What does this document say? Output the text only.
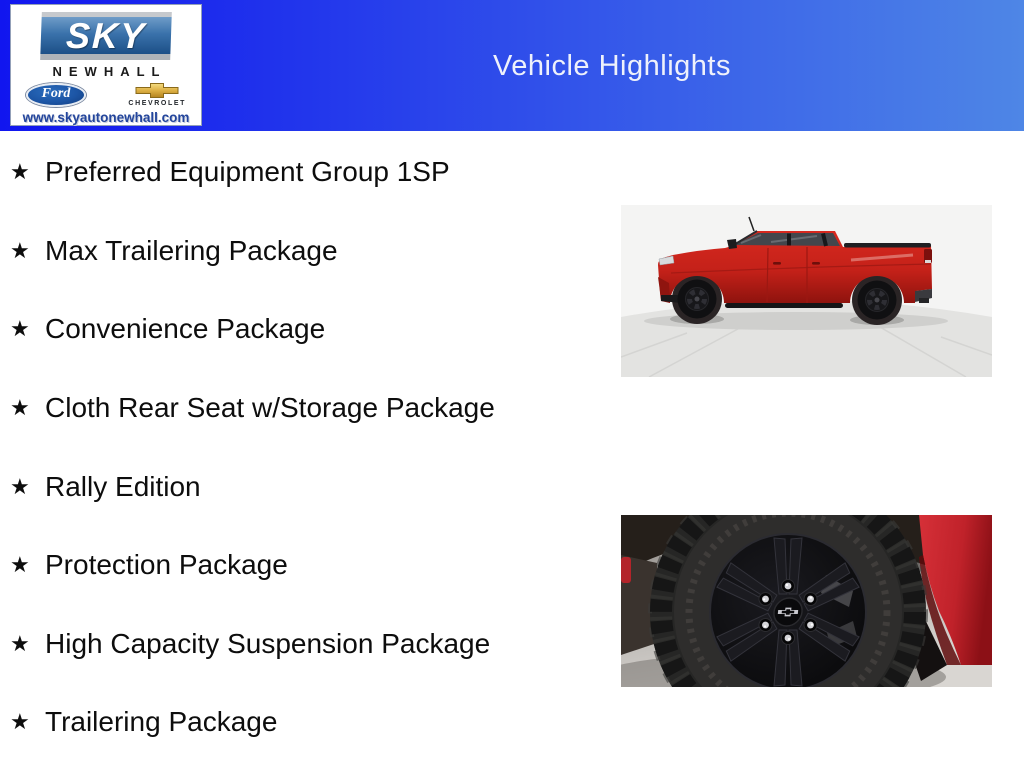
SKY
NEWHALL
Ford
CHEVROLET
www.skyautonewhall.com
Vehicle Highlights
★ Preferred Equipment Group 1SP
★ Max Trailering Package
★ Convenience Package
★ Cloth Rear Seat w/Storage Package
★ Rally Edition
★ Protection Package
★ High Capacity Suspension Package
★ Trailering Package
